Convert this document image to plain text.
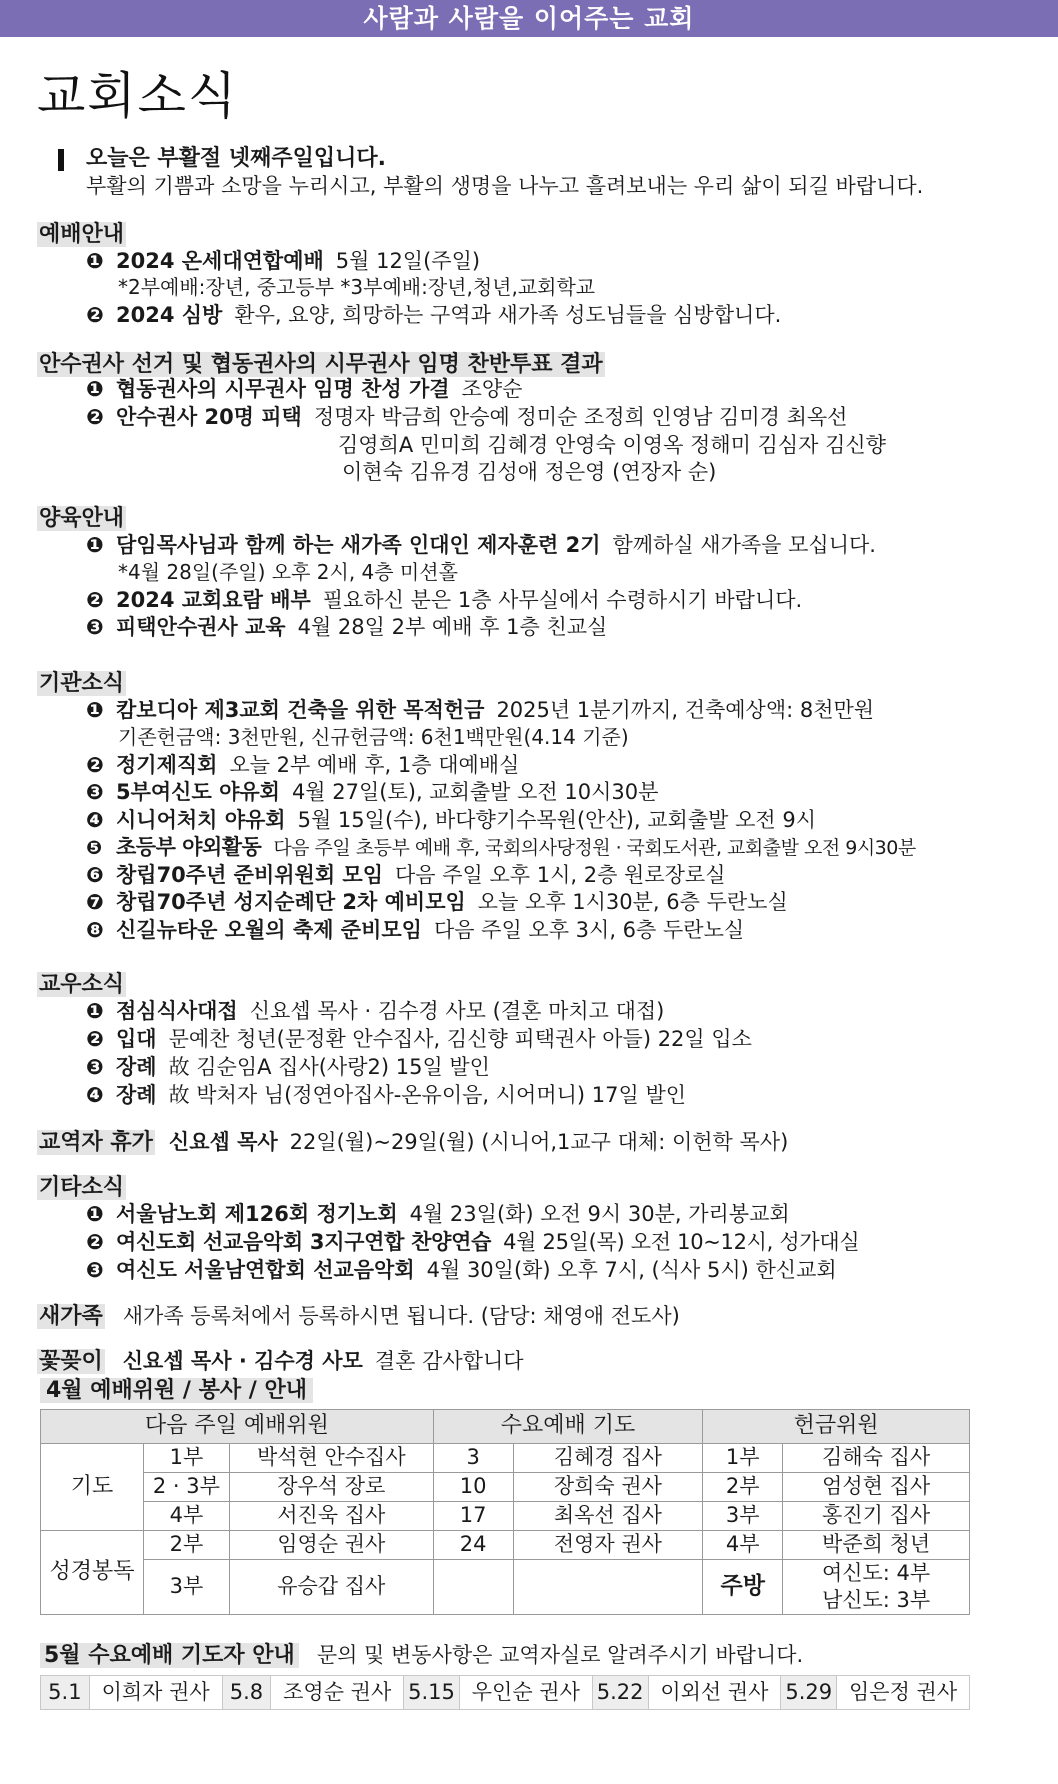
사람과 사람을 이어주는 교회
교회소식
오늘은 부활절 넷째주일입니다.
부활의 기쁨과 소망을 누리시고, 부활의 생명을 나누고 흘려보내는 우리 삶이 되길 바랍니다.
예배안내
❶ 2024 온세대연합예배 5월 12일(주일)
*2부예배:장년, 중고등부 *3부예배:장년,청년,교회학교
❷ 2024 심방 환우, 요양, 희망하는 구역과 새가족 성도님들을 심방합니다.
안수권사 선거 및 협동권사의 시무권사 임명 찬반투표 결과
❶ 협동권사의 시무권사 임명 찬성 가결 조양순
❷ 안수권사 20명 피택 정명자 박금희 안승예 정미순 조정희 인영남 김미경 최옥선
김영희A 민미희 김혜경 안영숙 이영옥 정해미 김심자 김신향
이현숙 김유경 김성애 정은영 (연장자 순)
양육안내
❶ 담임목사님과 함께 하는 새가족 인대인 제자훈련 2기 함께하실 새가족을 모십니다.
*4월 28일(주일) 오후 2시, 4층 미션홀
❷ 2024 교회요람 배부 필요하신 분은 1층 사무실에서 수령하시기 바랍니다.
❸ 피택안수권사 교육 4월 28일 2부 예배 후 1층 친교실
기관소식
❶ 캄보디아 제3교회 건축을 위한 목적헌금 2025년 1분기까지, 건축예상액: 8천만원
기존헌금액: 3천만원, 신규헌금액: 6천1백만원(4.14 기준)
❷ 정기제직회 오늘 2부 예배 후, 1층 대예배실
❸ 5부여신도 야유회 4월 27일(토), 교회출발 오전 10시30분
❹ 시니어처치 야유회 5월 15일(수), 바다향기수목원(안산), 교회출발 오전 9시
❺ 초등부 야외활동 다음 주일 초등부 예배 후, 국회의사당정원 · 국회도서관, 교회출발 오전 9시30분
❻ 창립70주년 준비위원회 모임 다음 주일 오후 1시, 2층 원로장로실
❼ 창립70주년 성지순례단 2차 예비모임 오늘 오후 1시30분, 6층 두란노실
❽ 신길뉴타운 오월의 축제 준비모임 다음 주일 오후 3시, 6층 두란노실
교우소식
❶ 점심식사대접 신요셉 목사 · 김수경 사모 (결혼 마치고 대접)
❷ 입대 문예찬 청년(문정환 안수집사, 김신향 피택권사 아들) 22일 입소
❸ 장례 故 김순임A 집사(사랑2) 15일 발인
❹ 장례 故 박처자 님(정연아집사-온유이음, 시어머니) 17일 발인
교역자 휴가 신요셉 목사 22일(월)~29일(월) (시니어,1교구 대체: 이헌학 목사)
기타소식
❶ 서울남노회 제126회 정기노회 4월 23일(화) 오전 9시 30분, 가리봉교회
❷ 여신도회 선교음악회 3지구연합 찬양연습 4월 25일(목) 오전 10~12시, 성가대실
❸ 여신도 서울남연합회 선교음악회 4월 30일(화) 오후 7시, (식사 5시) 한신교회
새가족 새가족 등록처에서 등록하시면 됩니다. (담당: 채영애 전도사)
꽃꽂이 신요셉 목사 · 김수경 사모 결혼 감사합니다
4월 예배위원 / 봉사 / 안내
다음 주일 예배위원			수요예배 기도		헌금위원	
기도	1부	박석현 안수집사	3	김혜경 집사	1부	김해숙 집사
	2 · 3부	장우석 장로	10	장희숙 권사	2부	엄성현 집사
	4부	서진욱 집사	17	최옥선 집사	3부	홍진기 집사
성경봉독	2부	임영순 권사	24	전영자 권사	4부	박준희 청년
	3부	유승갑 집사			주방	여신도: 4부
남신도: 3부
5월 수요예배 기도자 안내 문의 및 변동사항은 교역자실로 알려주시기 바랍니다.
5.1	이희자 권사	5.8	조영순 권사	5.15	우인순 권사	5.22	이외선 권사	5.29	임은정 권사
